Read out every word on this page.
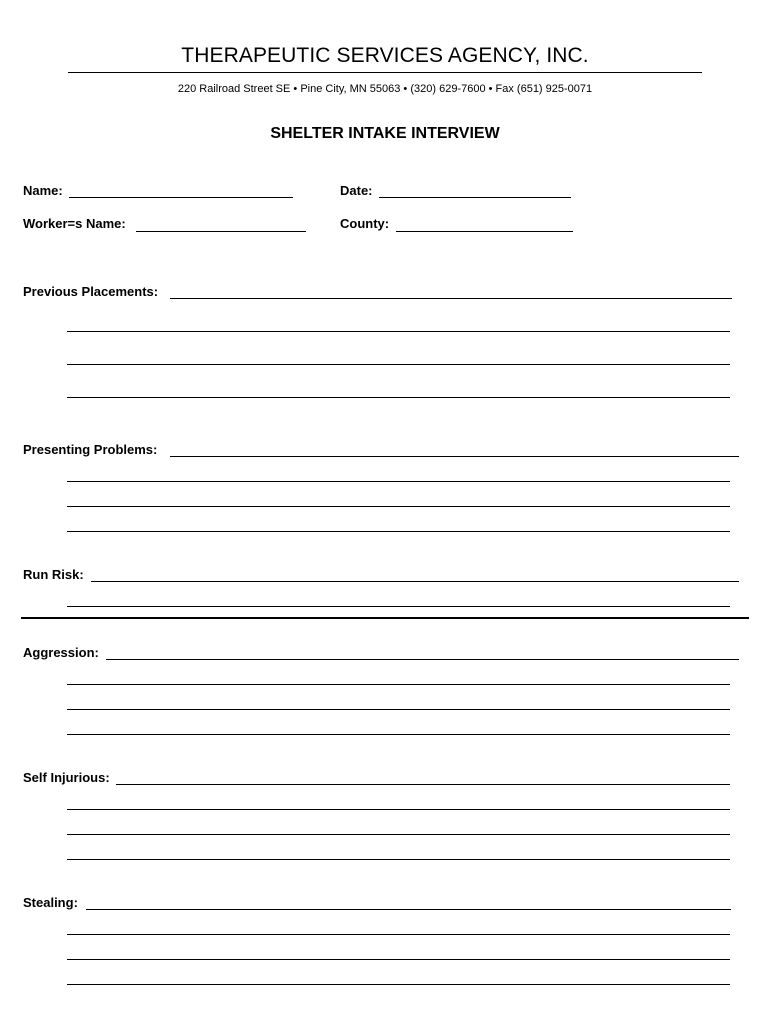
THERAPEUTIC SERVICES AGENCY, INC.
220 Railroad Street SE • Pine City, MN 55063 • (320) 629-7600 • Fax (651) 925-0071
SHELTER INTAKE INTERVIEW
Name:	Date:
Worker=s Name:	County:
Previous Placements:
Presenting Problems:
Run Risk:
Aggression:
Self Injurious:
Stealing:
